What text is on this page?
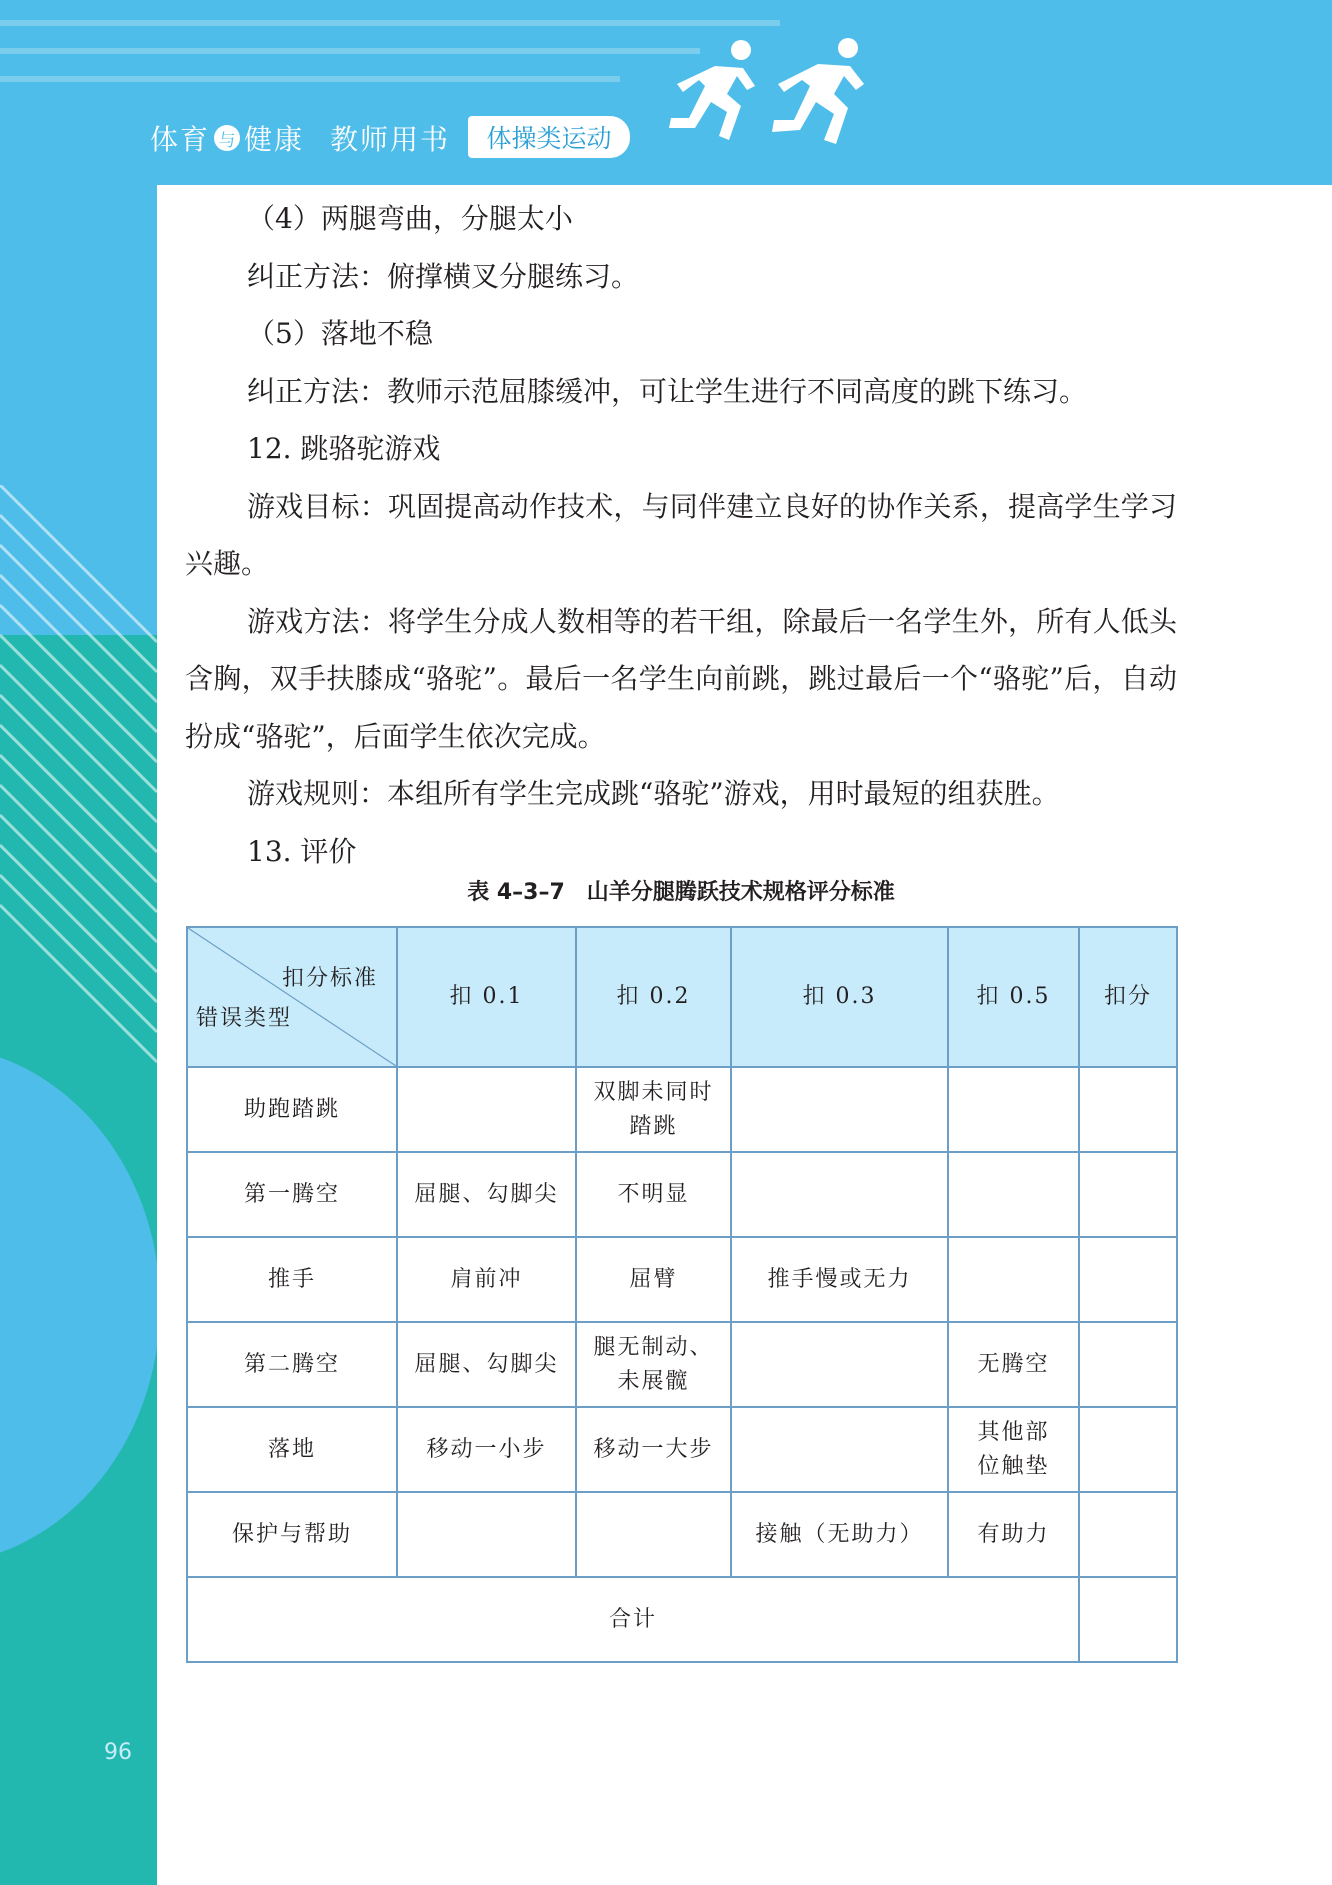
体育 与 健康 教师用书	体操类运动
96

（4）两腿弯曲，分腿太小

纠正方法：俯撑横叉分腿练习。

（5）落地不稳

纠正方法：教师示范屈膝缓冲，可让学生进行不同高度的跳下练习。

12. 跳骆驼游戏

游戏目标：巩固提高动作技术，与同伴建立良好的协作关系，提高学生学习兴趣。

游戏方法：将学生分成人数相等的若干组，除最后一名学生外，所有人低头含胸，双手扶膝成“骆驼”。最后一名学生向前跳，跳过最后一个“骆驼”后，自动扮成“骆驼”，后面学生依次完成。

游戏规则：本组所有学生完成跳“骆驼”游戏，用时最短的组获胜。

13. 评价

表 4–3–7　山羊分腿腾跃技术规格评分标准
扣分标准
错误类型	扣 0.1	扣 0.2	扣 0.3	扣 0.5	扣分
助跑踏跳		双脚未同时踏跳			
第一腾空	屈腿、勾脚尖	不明显			
推手	肩前冲	屈臂	推手慢或无力		
第二腾空	屈腿、勾脚尖	腿无制动、未展髋		无腾空	
落地	移动一小步	移动一大步		其他部位触垫	
保护与帮助			接触（无助力）	有助力	
合计					
